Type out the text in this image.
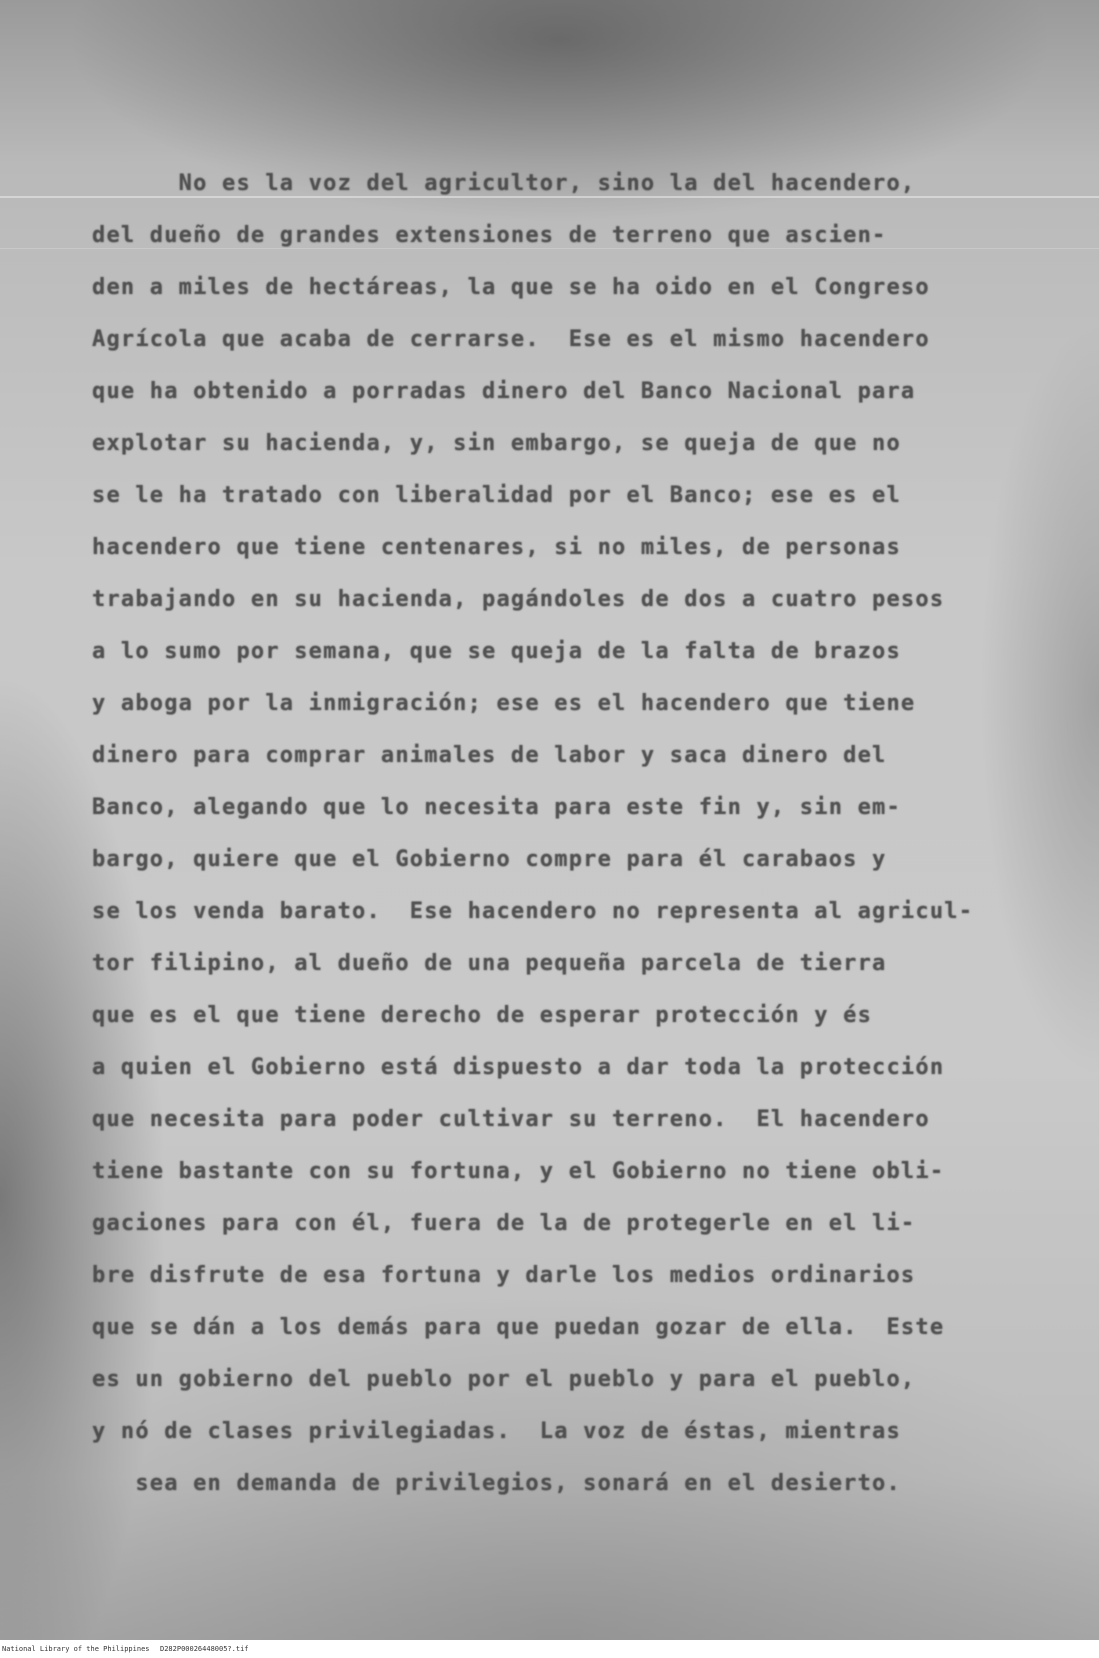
No es la voz del agricultor, sino la del hacendero,
del dueño de grandes extensiones de terreno que ascien-
den a miles de hectáreas, la que se ha oido en el Congreso
Agrícola que acaba de cerrarse.  Ese es el mismo hacendero
que ha obtenido a porradas dinero del Banco Nacional para
explotar su hacienda, y, sin embargo, se queja de que no
se le ha tratado con liberalidad por el Banco; ese es el
hacendero que tiene centenares, si no miles, de personas
trabajando en su hacienda, pagándoles de dos a cuatro pesos
a lo sumo por semana, que se queja de la falta de brazos
y aboga por la inmigración; ese es el hacendero que tiene
dinero para comprar animales de labor y saca dinero del
Banco, alegando que lo necesita para este fin y, sin em-
bargo, quiere que el Gobierno compre para él carabaos y
se los venda barato.  Ese hacendero no representa al agricul-
tor filipino, al dueño de una pequeña parcela de tierra
que es el que tiene derecho de esperar protección y és
a quien el Gobierno está dispuesto a dar toda la protección
que necesita para poder cultivar su terreno.  El hacendero
tiene bastante con su fortuna, y el Gobierno no tiene obli-
gaciones para con él, fuera de la de protegerle en el li-
bre disfrute de esa fortuna y darle los medios ordinarios
que se dán a los demás para que puedan gozar de ella.  Este
es un gobierno del pueblo por el pueblo y para el pueblo,
y nó de clases privilegiadas.  La voz de éstas, mientras
sea en demanda de privilegios, sonará en el desierto.
National Library of the Philippines D282P00026448005?.tif
